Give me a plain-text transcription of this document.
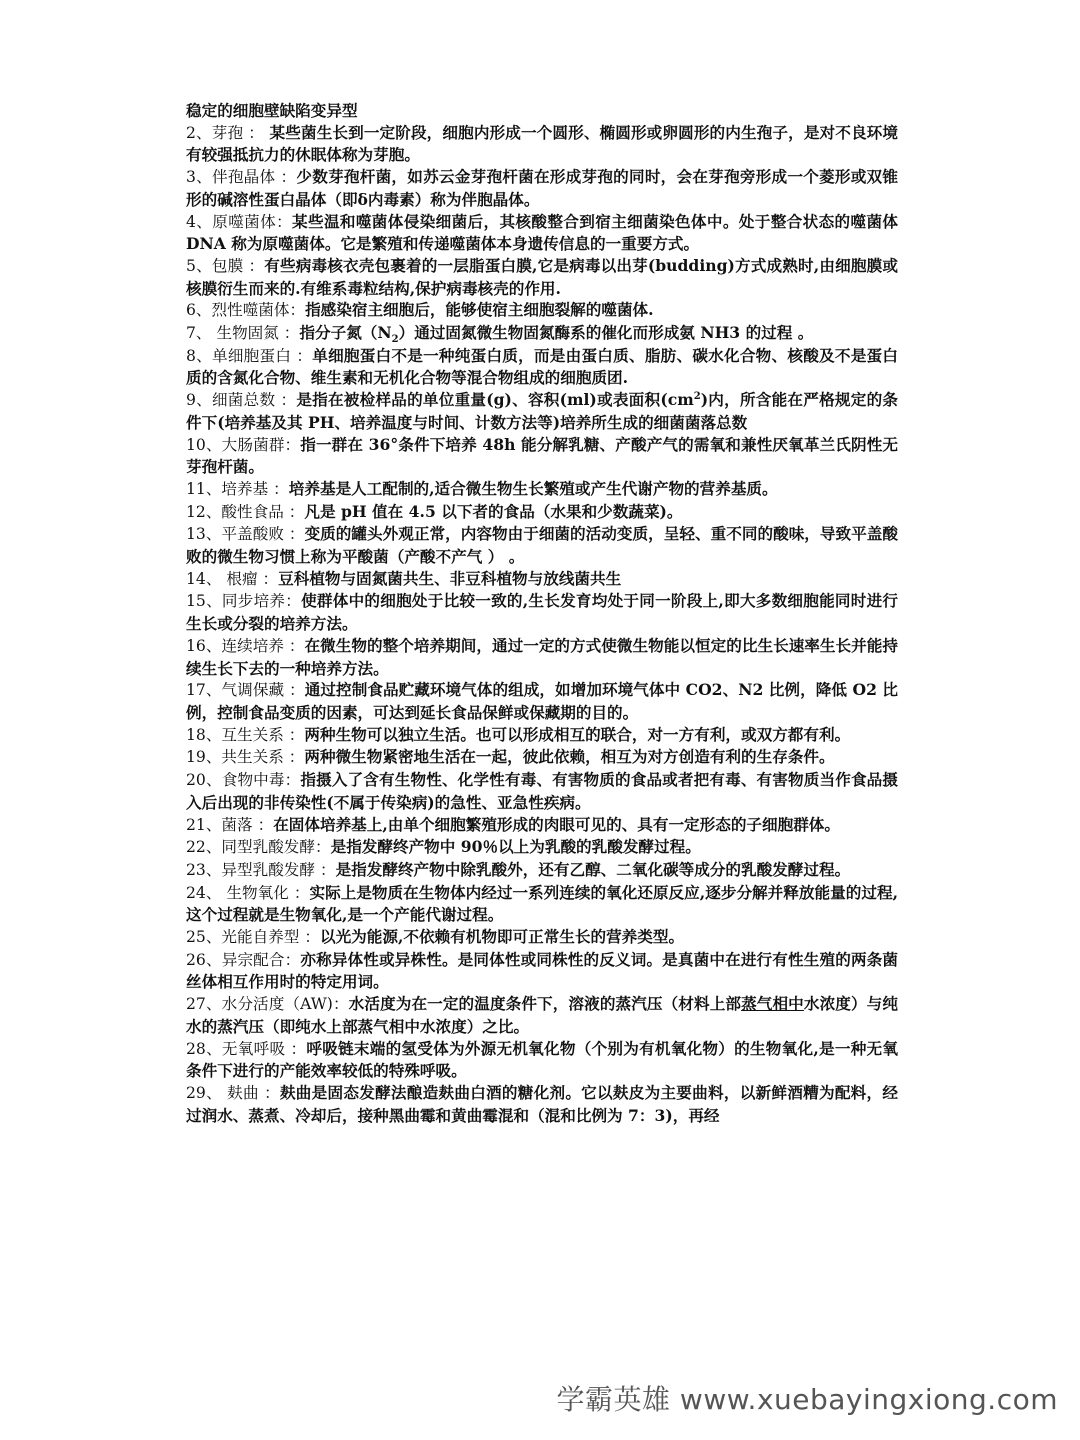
稳定的细胞壁缺陷变异型
2、芽孢 ： 某些菌生长到一定阶段，细胞内形成一个圆形、椭圆形或卵圆形的内生孢子，是对不良环境有较强抵抗力的休眠体称为芽胞。
3、伴孢晶体 ：少数芽孢杆菌，如苏云金芽孢杆菌在形成芽孢的同时，会在芽孢旁形成一个菱形或双锥形的碱溶性蛋白晶体（即δ内毒素）称为伴胞晶体。
4、原噬菌体：某些温和噬菌体侵染细菌后，其核酸整合到宿主细菌染色体中。处于整合状态的噬菌体 DNA 称为原噬菌体。它是繁殖和传递噬菌体本身遗传信息的一重要方式。
5、包膜 ：有些病毒核衣壳包裹着的一层脂蛋白膜,它是病毒以出芽(budding)方式成熟时,由细胞膜或核膜衍生而来的.有维系毒粒结构,保护病毒核壳的作用.
6、烈性噬菌体：指感染宿主细胞后，能够使宿主细胞裂解的噬菌体.
7、 生物固氮 ：指分子氮$(N_2)$通过固氮微生物固氮酶系的催化而形成氨 NH3 的过程 。
8、单细胞蛋白 ：单细胞蛋白不是一种纯蛋白质，而是由蛋白质、脂肪、碳水化合物、核酸及不是蛋白质的含氮化合物、维生素和无机化合物等混合物组成的细胞质团.
9、细菌总数 ：是指在被检样品的单位重量(g)、容积(ml)或表面积$(cm^2)$内，所含能在严格规定的条件下(培养基及其 PH、培养温度与时间、计数方法等)培养所生成的细菌菌落总数
10、大肠菌群：指一群在 36°条件下培养 48h 能分解乳糖、产酸产气的需氧和兼性厌氧革兰氏阴性无芽孢杆菌。
11、培养基 ：培养基是人工配制的,适合微生物生长繁殖或产生代谢产物的营养基质。
12、酸性食品 ：凡是 pH 值在 4.5 以下者的食品（水果和少数蔬菜)。
13、平盖酸败 ：变质的罐头外观正常，内容物由于细菌的活动变质，呈轻、重不同的酸味，导致平盖酸败的微生物习惯上称为平酸菌（产酸不产气 ） 。
14、 根瘤 ：豆科植物与固氮菌共生、非豆科植物与放线菌共生
15、同步培养：使群体中的细胞处于比较一致的,生长发育均处于同一阶段上,即大多数细胞能同时进行生长或分裂的培养方法。
16、连续培养 ：在微生物的整个培养期间，通过一定的方式使微生物能以恒定的比生长速率生长并能持续生长下去的一种培养方法。
17、气调保藏 ：通过控制食品贮藏环境气体的组成，如增加环境气体中 CO2、N2 比例，降低 O2 比例，控制食品变质的因素，可达到延长食品保鲜或保藏期的目的。
18、互生关系 ：两种生物可以独立生活。也可以形成相互的联合，对一方有利，或双方都有利。
19、共生关系 ：两种微生物紧密地生活在一起，彼此依赖，相互为对方创造有利的生存条件。
20、食物中毒：指摄入了含有生物性、化学性有毒、有害物质的食品或者把有毒、有害物质当作食品摄入后出现的非传染性(不属于传染病)的急性、亚急性疾病。
21、菌落 ：在固体培养基上,由单个细胞繁殖形成的肉眼可见的、具有一定形态的子细胞群体。
22、同型乳酸发酵：是指发酵终产物中 90％以上为乳酸的乳酸发酵过程。
23、异型乳酸发酵 ：是指发酵终产物中除乳酸外，还有乙醇、二氧化碳等成分的乳酸发酵过程。
24、 生物氧化 ：实际上是物质在生物体内经过一系列连续的氧化还原反应,逐步分解并释放能量的过程,这个过程就是生物氧化,是一个产能代谢过程。
25、光能自养型 ：以光为能源,不依赖有机物即可正常生长的营养类型。
26、异宗配合：亦称异体性或异株性。是同体性或同株性的反义词。是真菌中在进行有性生殖的两条菌丝体相互作用时的特定用词。
27、水分活度（AW)：水活度为在一定的温度条件下，溶液的蒸汽压（材料上部蒸气相中水浓度）与纯水的蒸汽压（即纯水上部蒸气相中水浓度）之比。
28、无氧呼吸 ：呼吸链末端的氢受体为外源无机氧化物（个别为有机氧化物）的生物氧化,是一种无氧条件下进行的产能效率较低的特殊呼吸。
29、 麸曲 ：麸曲是固态发酵法酿造麸曲白酒的糖化剂。它以麸皮为主要曲料，以新鲜酒糟为配料，经过润水、蒸煮、冷却后，接种黑曲霉和黄曲霉混和（混和比例为 7：3)，再经
学霸英雄 www.xuebayingxiong.com
